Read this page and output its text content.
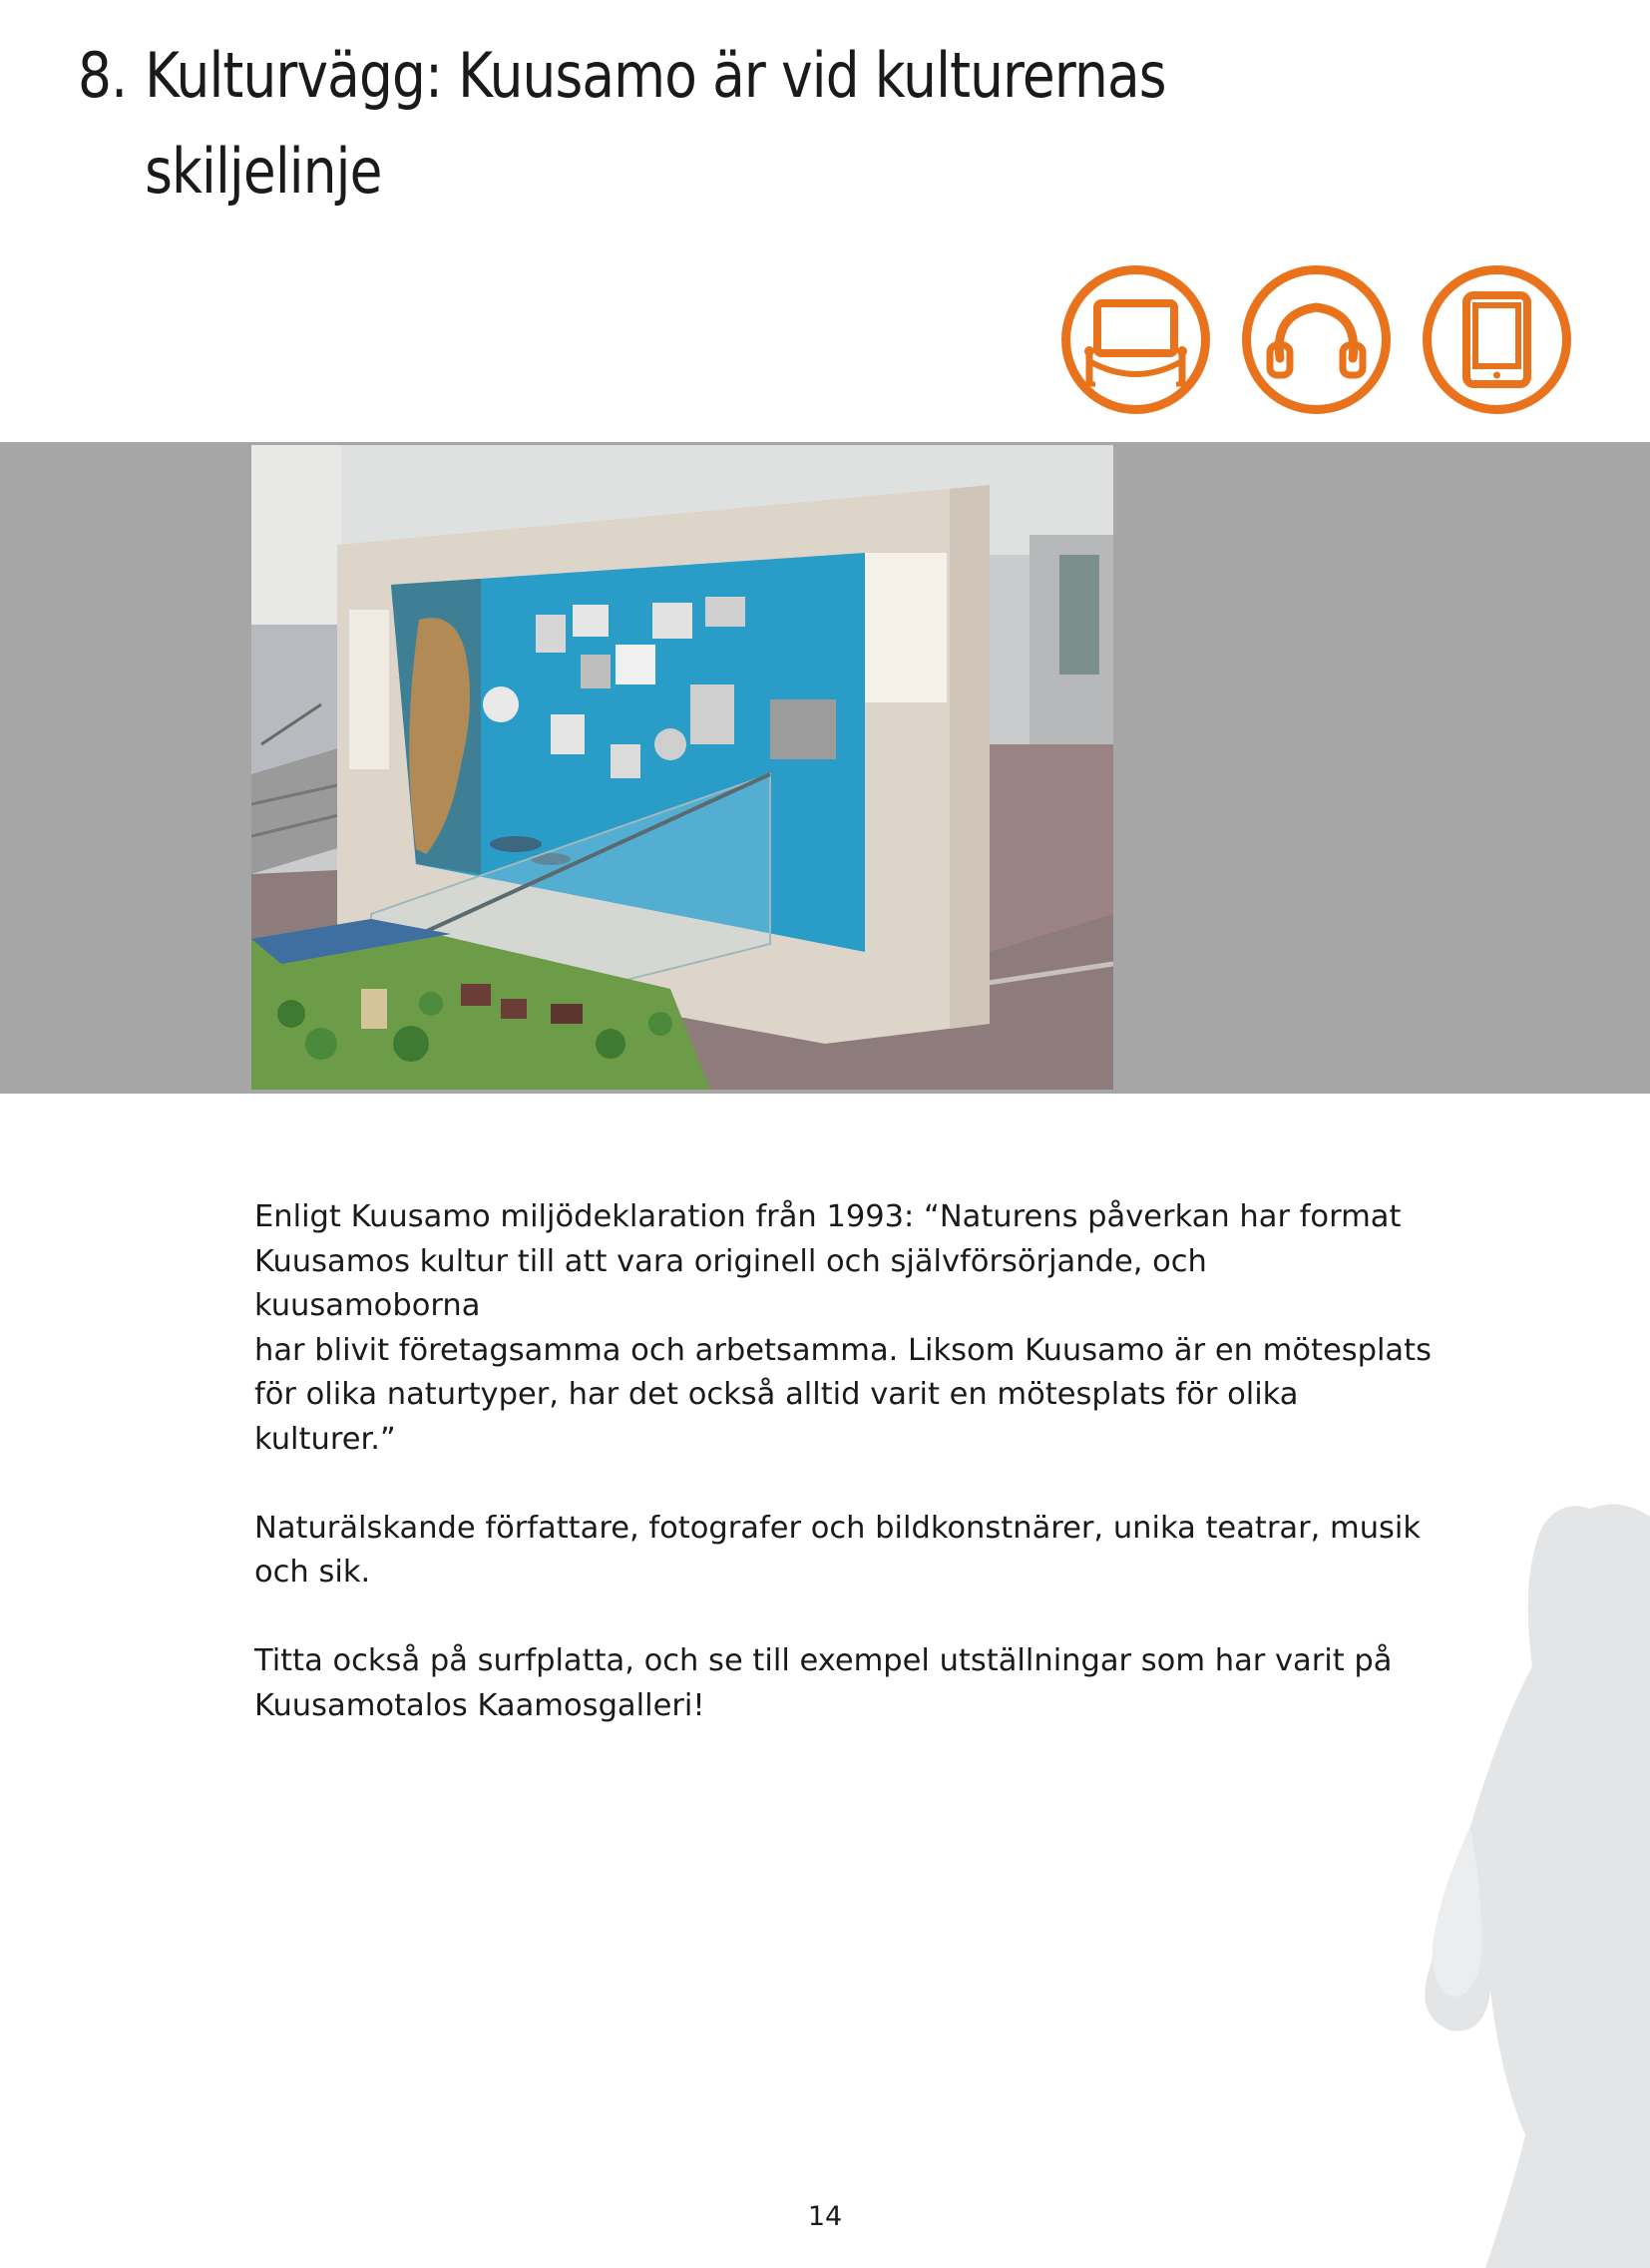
8. Kulturvägg: Kuusamo är vid kulturernas
skiljelinje

Enligt Kuusamo miljödeklaration från 1993: “Naturens påverkan har format
Kuusamos kultur till att vara originell och självförsörjande, och kuusamoborna
har blivit företagsamma och arbetsamma. Liksom Kuusamo är en mötesplats
för olika naturtyper, har det också alltid varit en mötesplats för olika kulturer.”

Naturälskande författare, fotografer och bildkonstnärer, unika teatrar, musik
och sik.

Titta också på surfplatta, och se till exempel utställningar som har varit på
Kuusamotalos Kaamosgalleri!

14
